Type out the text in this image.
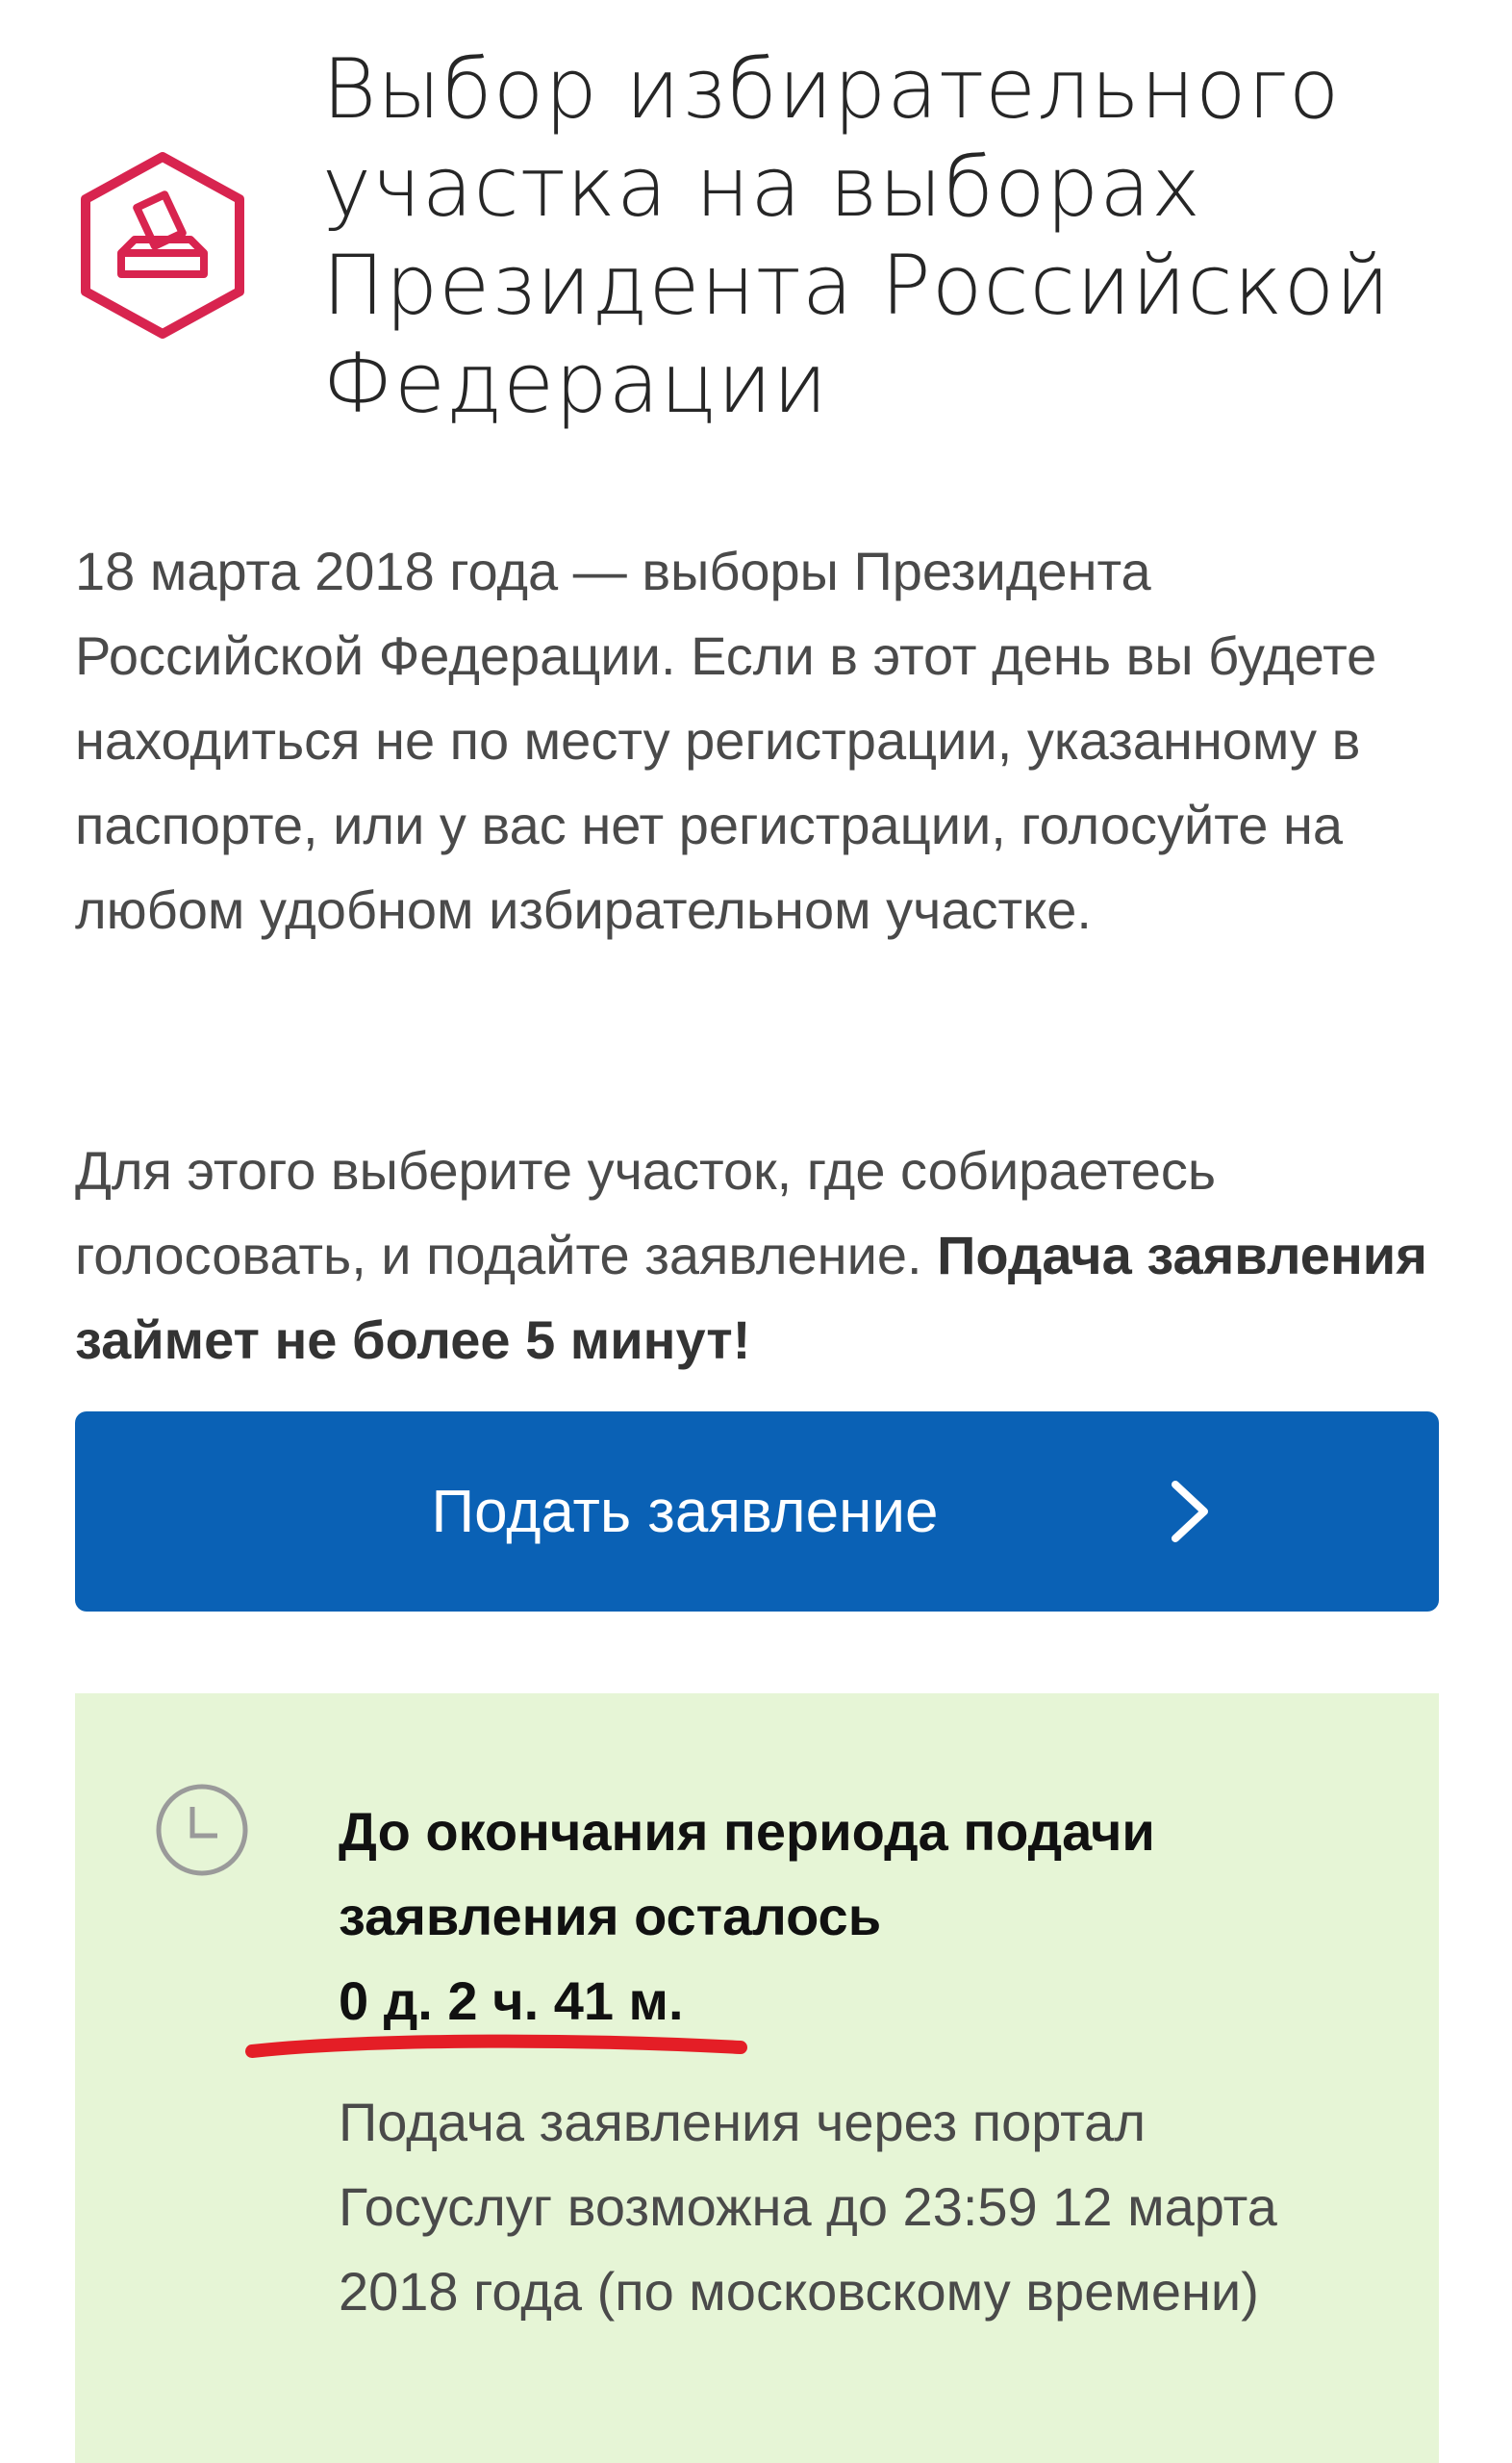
Выбор избирательного участка на выборах Президента Российской Федерации

18 марта 2018 года — выборы Президента Российской Федерации. Если в этот день вы будете находиться не по месту регистрации, указанному в паспорте, или у вас нет регистрации, голосуйте на любом удобном избирательном участке.

Для этого выберите участок, где собираетесь голосовать, и подайте заявление. Подача заявления займет не более 5 минут!

Подать заявление

До окончания периода подачи заявления осталось

0 д. 2 ч. 41 м.

Подача заявления через портал Госуслуг возможна до 23:59 12 марта 2018 года (по московскому времени)
